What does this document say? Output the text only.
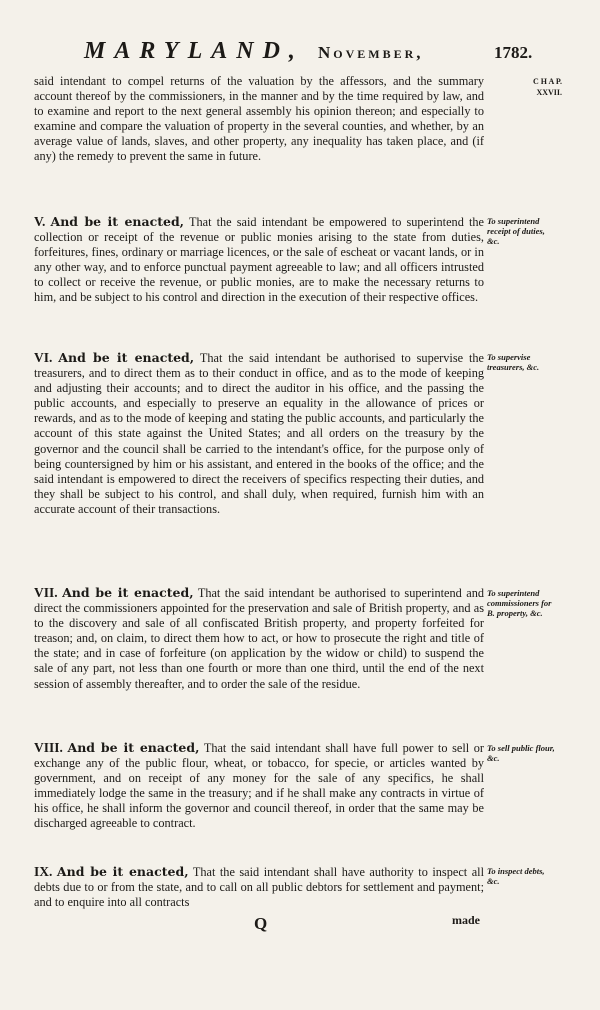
MARYLAND, November,	1782.
C H A P.
XXVII.

said intendant to compel returns of the valuation by the affessors, and the summary account thereof by the commissioners, in the manner and by the time required by law, and to examine and report to the next general assembly his opinion thereon; and especially to examine and compare the valuation of property in the several counties, and whether, by an average value of lands, slaves, and other property, any inequality has taken place, and (if any) the remedy to prevent the same in future.

V. And be it enacted, That the said intendant be empowered to superintend the collection or receipt of the revenue or public monies arising to the state from duties, forfeitures, fines, ordinary or marriage licences, or the sale of escheat or vacant lands, or in any other way, and to enforce punctual payment agreeable to law; and all officers intrusted to collect or receive the revenue, or public monies, are to make the necessary returns to him, and be subject to his control and direction in the execution of their respective offices.

To superintend receipt of duties, &c.

VI. And be it enacted, That the said intendant be authorised to supervise the treasurers, and to direct them as to their conduct in office, and as to the mode of keeping and adjusting their accounts; and to direct the auditor in his office, and the passing the public accounts, and especially to preserve an equality in the allowance of prices or rewards, and as to the mode of keeping and stating the public accounts, and particularly the account of this state against the United States; and all orders on the treasury by the governor and the council shall be carried to the intendant's office, for the purpose only of being countersigned by him or his assistant, and entered in the books of the office; and the said intendant is empowered to direct the receivers of specifics respecting their duties, and they shall be subject to his control, and shall duly, when required, furnish him with an accurate account of their transactions.

To supervise treasurers, &c.

VII. And be it enacted, That the said intendant be authorised to superintend and direct the commissioners appointed for the preservation and sale of British property, and as to the discovery and sale of all confiscated British property, and property forfeited for treason; and, on claim, to direct them how to act, or how to prosecute the right and title of the state; and in case of forfeiture (on application by the widow or child) to suspend the sale of any part, not less than one fourth or more than one third, until the end of the next session of assembly thereafter, and to order the sale of the residue.

To superintend commissioners for B. property, &c.

VIII. And be it enacted, That the said intendant shall have full power to sell or exchange any of the public flour, wheat, or tobacco, for specie, or articles wanted by government, and on receipt of any money for the sale of any specifics, he shall immediately lodge the same in the treasury; and if he shall make any contracts in virtue of his office, he shall inform the governor and council thereof, in order that the same may be discharged agreeable to contract.

To sell public flour, &c.

IX. And be it enacted, That the said intendant shall have authority to inspect all debts due to or from the state, and to call on all public debtors for settlement and payment; and to enquire into all contracts

To inspect debts, &c.
Q	made
